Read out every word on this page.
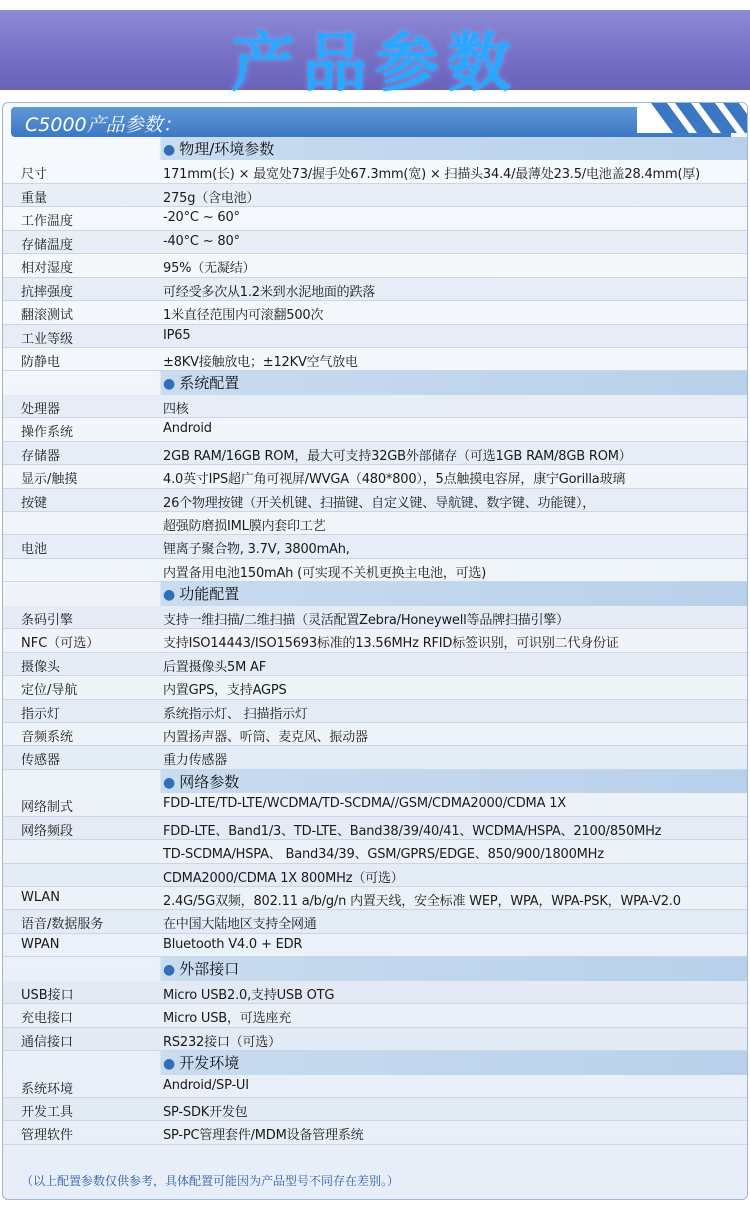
产品参数
C5000产品参数：
● 物理/环境参数
尺寸	171mm(长) × 最宽处73/握手处67.3mm(宽) × 扫描头34.4/最薄处23.5/电池盖28.4mm(厚)
重量	275g（含电池）
工作温度	-20°C ~ 60°
存储温度	-40°C ~ 80°
相对湿度	95%（无凝结）
抗摔强度	可经受多次从1.2米到水泥地面的跌落
翻滚测试	1米直径范围内可滚翻500次
工业等级	IP65
防静电	±8KV接触放电；±12KV空气放电
● 系统配置
处理器	四核
操作系统	Android
存储器	2GB RAM/16GB ROM，最大可支持32GB外部储存（可选1GB RAM/8GB ROM）
显示/触摸	4.0英寸IPS超广角可视屏/WVGA（480*800），5点触摸电容屏，康宁Gorilla玻璃
按键	26个物理按键（开关机键、扫描键、自定义键、导航键、数字键、功能键），
超强防磨损IML膜内套印工艺
电池	锂离子聚合物, 3.7V, 3800mAh,
内置备用电池150mAh (可实现不关机更换主电池，可选)
● 功能配置
条码引擎	支持一维扫描/二维扫描（灵活配置Zebra/Honeywell等品牌扫描引擎）
NFC（可选）	支持ISO14443/ISO15693标准的13.56MHz RFID标签识别，可识别二代身份证
摄像头	后置摄像头5M AF
定位/导航	内置GPS，支持AGPS
指示灯	系统指示灯、 扫描指示灯
音频系统	内置扬声器、听筒、麦克风、振动器
传感器	重力传感器
● 网络参数
网络制式	FDD-LTE/TD-LTE/WCDMA/TD-SCDMA//GSM/CDMA2000/CDMA 1X
网络频段	FDD-LTE、Band1/3、TD-LTE、Band38/39/40/41、WCDMA/HSPA、2100/850MHz
TD-SCDMA/HSPA、 Band34/39、GSM/GPRS/EDGE、850/900/1800MHz
CDMA2000/CDMA 1X 800MHz（可选）
WLAN	2.4G/5G双频，802.11 a/b/g/n 内置天线，安全标准 WEP，WPA，WPA-PSK，WPA-V2.0
语音/数据服务	在中国大陆地区支持全网通
WPAN	Bluetooth V4.0 + EDR
● 外部接口
USB接口	Micro USB2.0,支持USB OTG
充电接口	Micro USB，可选座充
通信接口	RS232接口（可选）
● 开发环境
系统环境	Android/SP-UI
开发工具	SP-SDK开发包
管理软件	SP-PC管理套件/MDM设备管理系统
（以上配置参数仅供参考，具体配置可能因为产品型号不同存在差别。）
